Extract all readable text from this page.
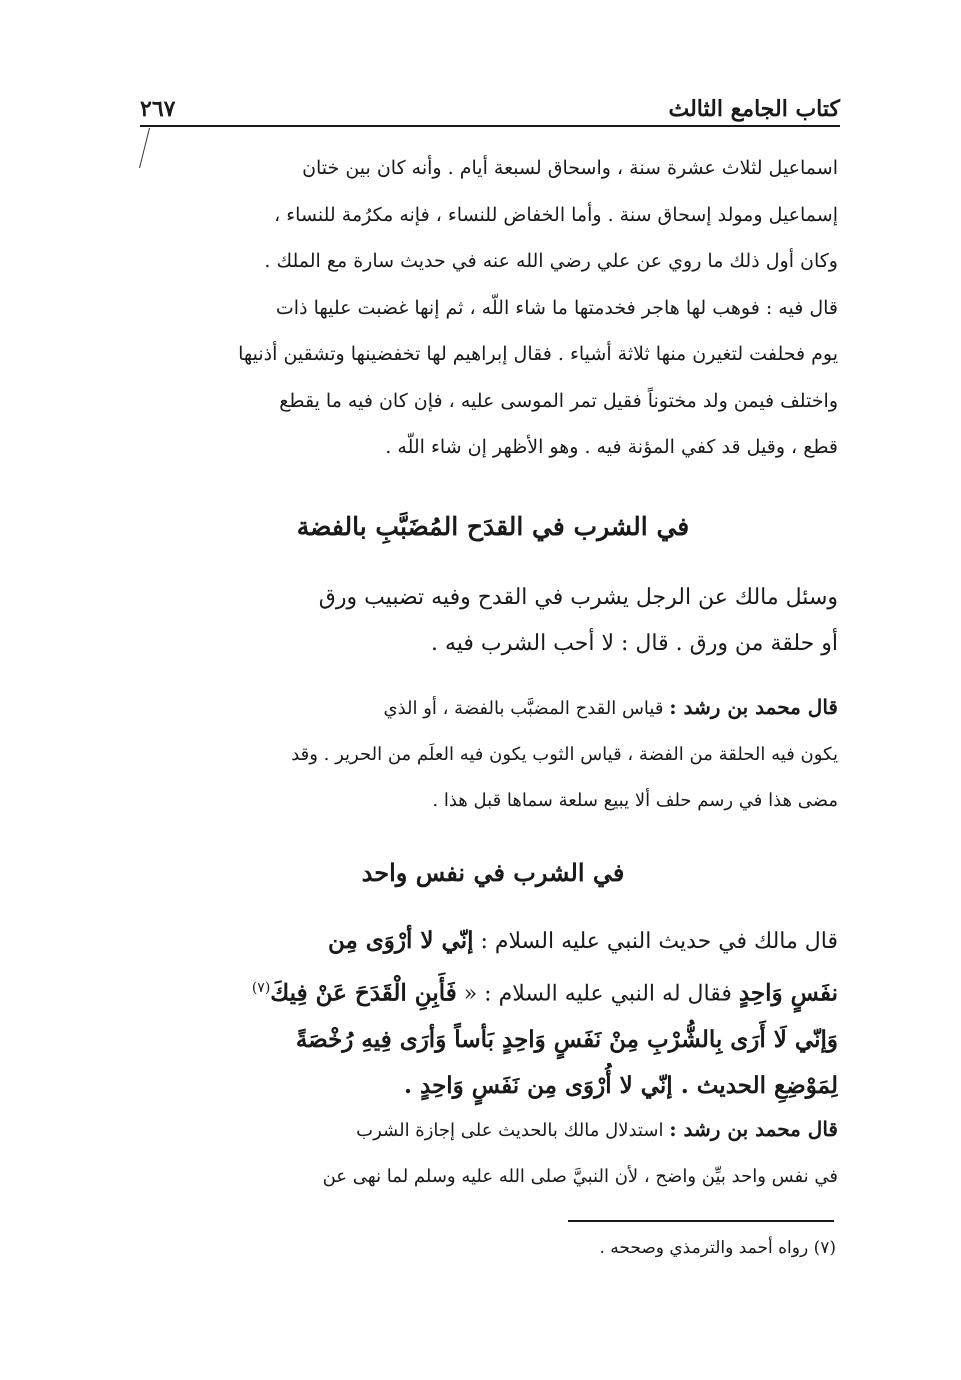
كتاب الجامع الثالث
٢٦٧
اسماعيل لثلاث عشرة سنة ، واسحاق لسبعة أيام . وأنه كان بين ختان
إسماعيل ومولد إسحاق سنة . وأما الخفاض للنساء ، فإنه مكرُمة للنساء ،
وكان أول ذلك ما روي عن علي رضي الله عنه في حديث سارة مع الملك .
قال فيه : فوهب لها هاجر فخدمتها ما شاء اللّه ، ثم إنها غضبت عليها ذات
يوم فحلفت لتغيرن منها ثلاثة أشياء . فقال إبراهيم لها تخفضينها وتشقين أذنيها
واختلف فيمن ولد مختوناً فقيل تمر الموسى عليه ، فإن كان فيه ما يقطع
قطع ، وقيل قد كفي المؤنة فيه . وهو الأظهر إن شاء اللّه .
في الشرب في القدَح المُضَبَّبِ بالفضة
وسئل مالك عن الرجل يشرب في القدح وفيه تضبيب ورق
أو حلقة من ورق . قال : لا أحب الشرب فيه .
قال محمد بن رشد : قياس القدح المضبَّب بالفضة ، أو الذي
يكون فيه الحلقة من الفضة ، قياس الثوب يكون فيه العلَم من الحرير . وقد
مضى هذا في رسم حلف ألا يبيع سلعة سماها قبل هذا .
في الشرب في نفس واحد
قال مالك في حديث النبي عليه السلام : إنّي لا أرْوَى مِن
نفَسٍ وَاحِدٍ فقال له النبي عليه السلام : « فَأَبِنِ الْقَدَحَ عَنْ فِيكَ$^{(٧)}$
وَإنّي لَا أَرَى بِالشُّرْبِ مِنْ نَفَسٍ وَاحِدٍ بَأساً وَأرَى فِيهِ رُخْصَةً
لِمَوْضِعِ الحديث . إنّي لا أُرْوَى مِن نَفَسٍ وَاحِدٍ .
قال محمد بن رشد : استدلال مالك بالحديث على إجازة الشرب
في نفس واحد بيِّن واضح ، لأن النبيَّ صلى الله عليه وسلم لما نهى عن
(٧) رواه أحمد والترمذي وصححه .
